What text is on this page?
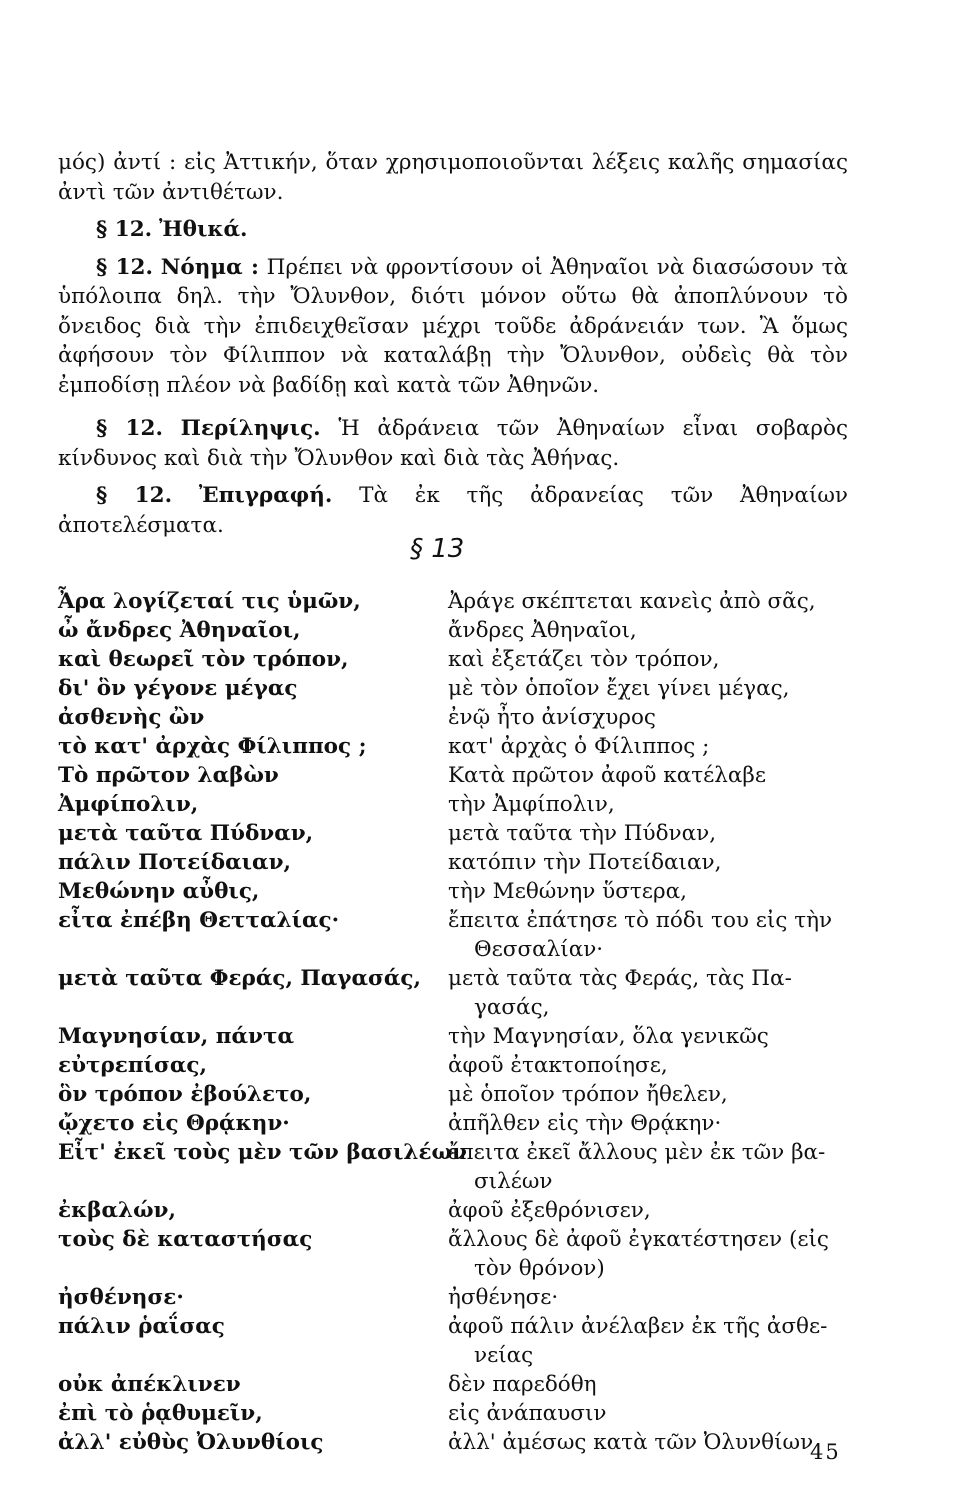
μός) ἀντί : εἰς Ἀττικήν, ὅταν χρησιμοποιοῦνται λέξεις καλῆς σημασίας ἀντὶ τῶν ἀντιθέτων.

§ 12. Ἠθικά.

§ 12. Νόημα : Πρέπει νὰ φροντίσουν οἱ Ἀθηναῖοι νὰ διασώσουν τὰ ὑπόλοιπα δηλ. τὴν Ὄλυνθον, διότι μόνον οὕτω θὰ ἀποπλύνουν τὸ ὄνειδος διὰ τὴν ἐπιδειχθεῖσαν μέχρι τοῦδε ἀδράνειάν των. Ἂ ὅμως ἀφήσουν τὸν Φίλιππον νὰ καταλάβῃ τὴν Ὄλυνθον, οὐδεὶς θὰ τὸν ἐμποδίσῃ πλέον νὰ βαδίδῃ καὶ κατὰ τῶν Ἀθηνῶν.

§ 12. Περίληψις. Ἡ ἀδράνεια τῶν Ἀθηναίων εἶναι σοβαρὸς κίνδυνος καὶ διὰ τὴν Ὄλυνθον καὶ διὰ τὰς Ἀθήνας.

§ 12. Ἐπιγραφή. Τὰ ἐκ τῆς ἀδρανείας τῶν Ἀθηναίων ἀποτελέσματα.

§ 13
Ἆρα λογίζεταί τις ὑμῶν,
ὦ ἄνδρες Ἀθηναῖοι,
καὶ θεωρεῖ τὸν τρόπον,
δι' ὃν γέγονε μέγας
ἀσθενὴς ὢν
τὸ κατ' ἀρχὰς Φίλιππος ;
Τὸ πρῶτον λαβὼν
Ἀμφίπολιν,
μετὰ ταῦτα Πύδναν,
πάλιν Ποτείδαιαν,
Μεθώνην αὖθις,
εἶτα ἐπέβη Θετταλίας·
μετὰ ταῦτα Φεράς, Παγασάς,
Μαγνησίαν, πάντα
εὐτρεπίσας,
ὃν τρόπον ἐβούλετο,
ᾤχετο εἰς Θρᾴκην·
Εἶτ' ἐκεῖ τοὺς μὲν τῶν βασιλέων
ἐκβαλών,
τοὺς δὲ καταστήσας
ἠσθένησε·
πάλιν ῥαΐσας
οὐκ ἀπέκλινεν
ἐπὶ τὸ ῥᾳθυμεῖν,
ἀλλ' εὐθὺς Ὀλυνθίοις
Ἀράγε σκέπτεται κανεὶς ἀπὸ σᾶς,
ἄνδρες Ἀθηναῖοι,
καὶ ἐξετάζει τὸν τρόπον,
μὲ τὸν ὁποῖον ἔχει γίνει μέγας,
ἐνῷ ἦτο ἀνίσχυρος
κατ' ἀρχὰς ὁ Φίλιππος ;
Κατὰ πρῶτον ἀφοῦ κατέλαβε
τὴν Ἀμφίπολιν,
μετὰ ταῦτα τὴν Πύδναν,
κατόπιν τὴν Ποτείδαιαν,
τὴν Μεθώνην ὕστερα,
ἔπειτα ἐπάτησε τὸ πόδι του εἰς τὴν
Θεσσαλίαν·
μετὰ ταῦτα τὰς Φεράς, τὰς Πα-
γασάς,
τὴν Μαγνησίαν, ὅλα γενικῶς
ἀφοῦ ἐτακτοποίησε,
μὲ ὁποῖον τρόπον ἤθελεν,
ἀπῆλθεν εἰς τὴν Θρᾴκην·
ἔπειτα ἐκεῖ ἄλλους μὲν ἐκ τῶν βα-
σιλέων
ἀφοῦ ἐξεθρόνισεν,
ἄλλους δὲ ἀφοῦ ἐγκατέστησεν (εἰς
τὸν θρόνον)
ἠσθένησε·
ἀφοῦ πάλιν ἀνέλαβεν ἐκ τῆς ἀσθε-
νείας
δὲν παρεδόθη
εἰς ἀνάπαυσιν
ἀλλ' ἀμέσως κατὰ τῶν Ὀλυνθίων
45
